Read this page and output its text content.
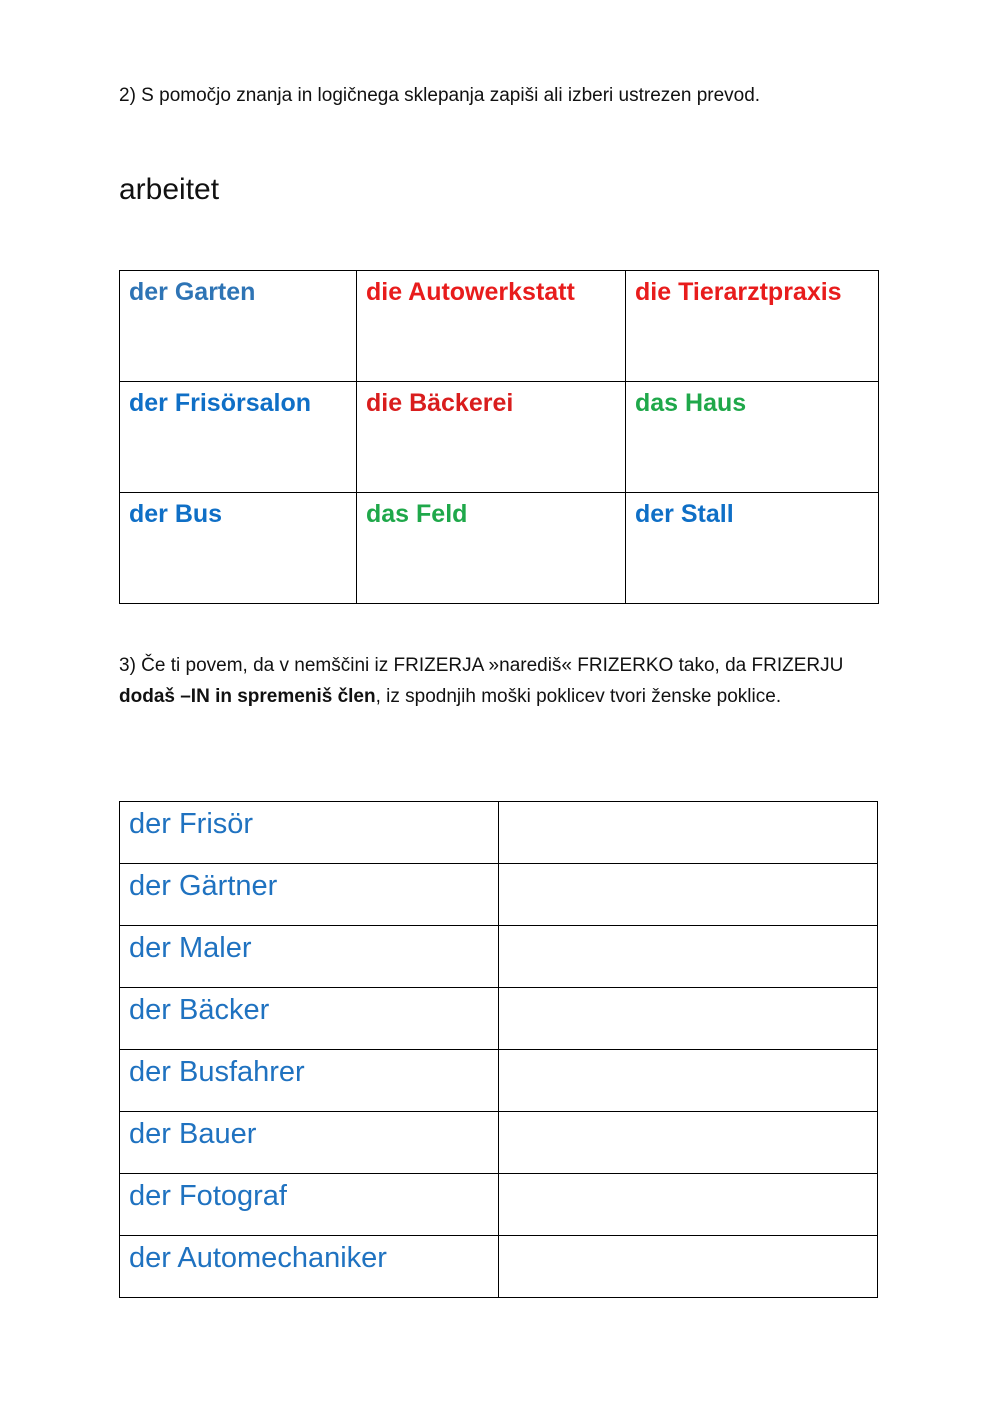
2) S pomočjo znanja in logičnega sklepanja zapiši ali izberi ustrezen prevod.

arbeitet

der Garten	die Autowerkstatt	die Tierarztpraxis

der Frisörsalon	die Bäckerei	das Haus

der Bus	das Feld	der Stall

3) Če ti povem, da v nemščini iz FRIZERJA »narediš« FRIZERKO tako, da FRIZERJU dodaš –IN in spremeniš člen, iz spodnjih moški poklicev tvori ženske poklice.

der Frisör	

der Gärtner	

der Maler	

der Bäcker	

der Busfahrer	

der Bauer	

der Fotograf	

der Automechaniker	
